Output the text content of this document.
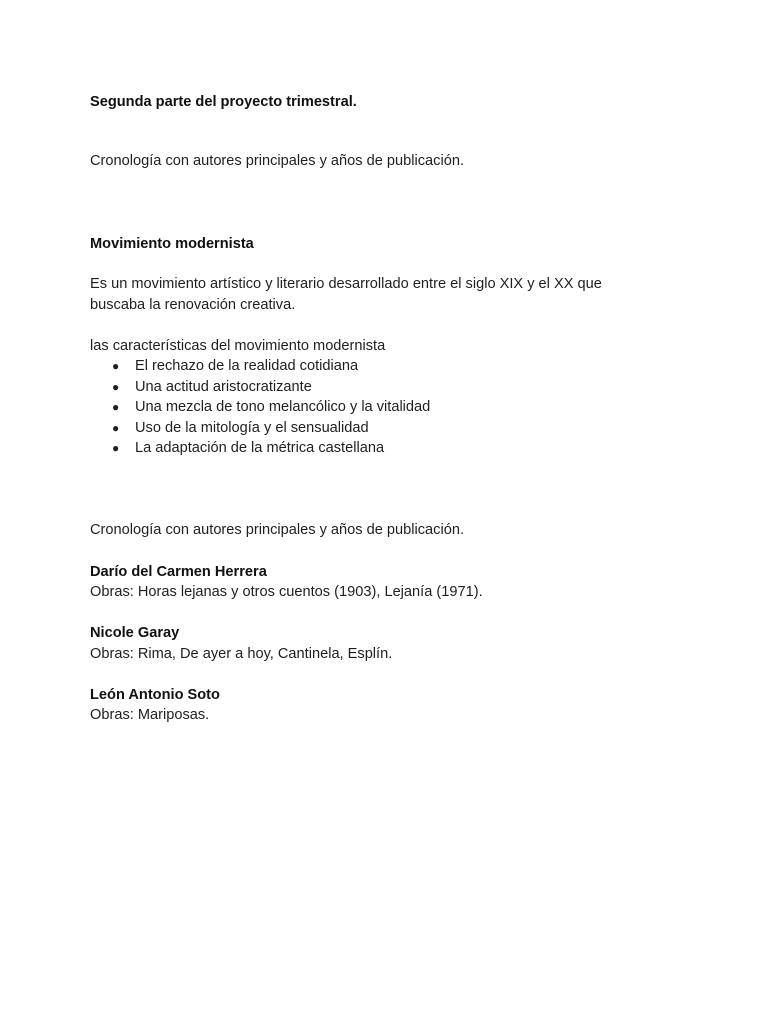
Segunda parte del proyecto trimestral.

Cronología con autores principales y años de publicación.

Movimiento modernista

Es un movimiento artístico y literario desarrollado entre el siglo XIX y el XX que buscaba la renovación creativa.

las características del movimiento modernista

● El rechazo de la realidad cotidiana
● Una actitud aristocratizante
● Una mezcla de tono melancólico y la vitalidad
● Uso de la mitología y el sensualidad
● La adaptación de la métrica castellana

Cronología con autores principales y años de publicación.

Darío del Carmen Herrera

Obras: Horas lejanas y otros cuentos (1903), Lejanía (1971).

Nicole Garay

Obras: Rima, De ayer a hoy, Cantinela, Esplín.

León Antonio Soto

Obras: Mariposas.
